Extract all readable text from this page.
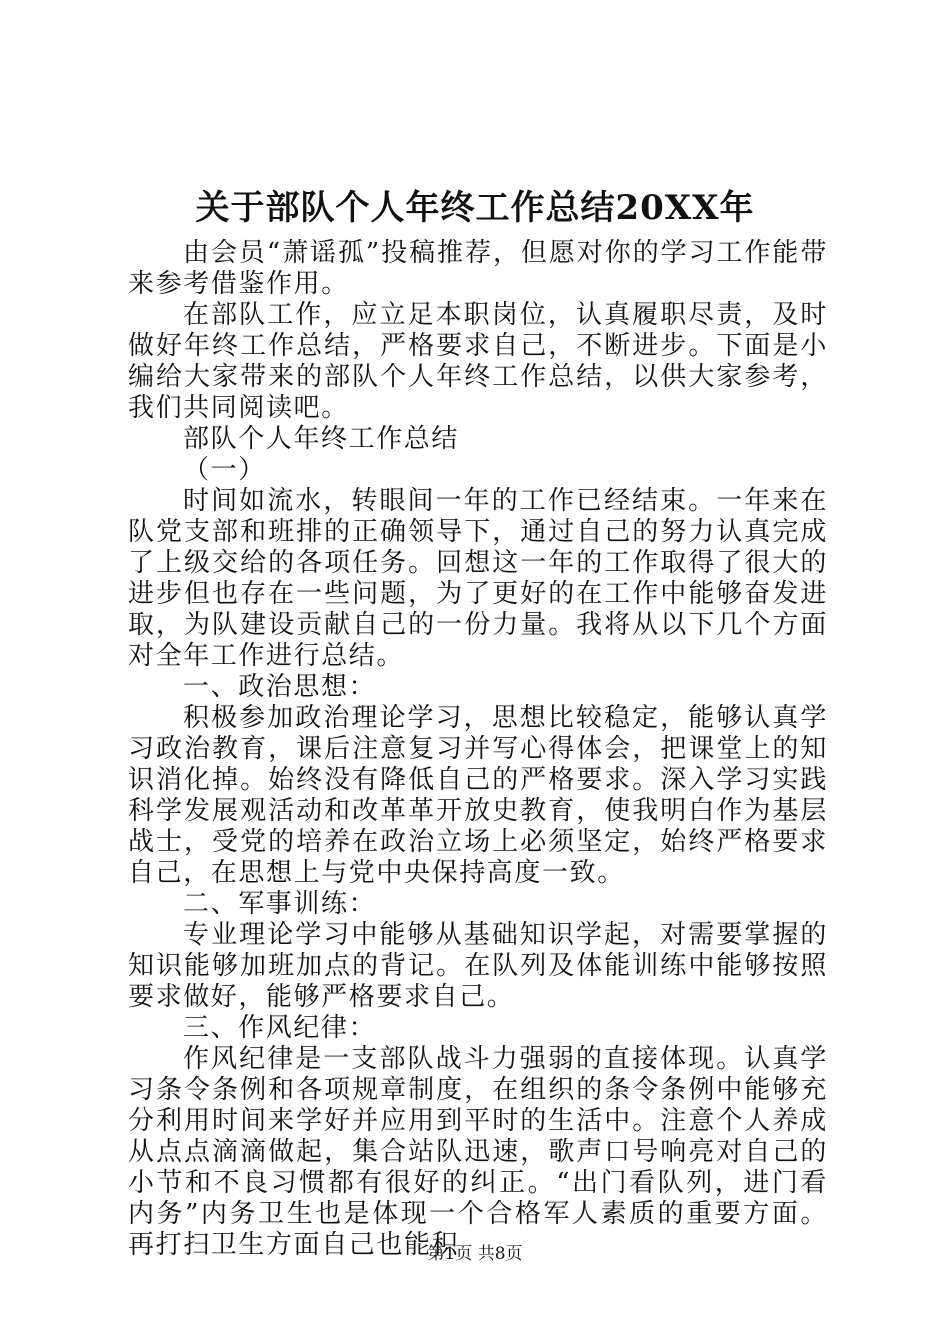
关于部队个人年终工作总结20XX年

由会员“萧谣孤”投稿推荐，但愿对你的学习工作能带来参考借鉴作用。

在部队工作，应立足本职岗位，认真履职尽责，及时做好年终工作总结，严格要求自己，不断进步。下面是小编给大家带来的部队个人年终工作总结，以供大家参考，我们共同阅读吧。

部队个人年终工作总结

（一）

时间如流水，转眼间一年的工作已经结束。一年来在队党支部和班排的正确领导下，通过自己的努力认真完成了上级交给的各项任务。回想这一年的工作取得了很大的进步但也存在一些问题，为了更好的在工作中能够奋发进取，为队建设贡献自己的一份力量。我将从以下几个方面对全年工作进行总结。

一、政治思想：

积极参加政治理论学习，思想比较稳定，能够认真学习政治教育，课后注意复习并写心得体会，把课堂上的知识消化掉。始终没有降低自己的严格要求。深入学习实践科学发展观活动和改革革开放史教育，使我明白作为基层战士，受党的培养在政治立场上必须坚定，始终严格要求自己，在思想上与党中央保持高度一致。

二、军事训练：

专业理论学习中能够从基础知识学起，对需要掌握的知识能够加班加点的背记。在队列及体能训练中能够按照要求做好，能够严格要求自己。

三、作风纪律：

作风纪律是一支部队战斗力强弱的直接体现。认真学习条令条例和各项规章制度，在组织的条令条例中能够充分利用时间来学好并应用到平时的生活中。注意个人养成从点点滴滴做起，集合站队迅速，歌声口号响亮对自己的小节和不良习惯都有很好的纠正。“出门看队列，进门看内务”内务卫生也是体现一个合格军人素质的重要方面。再打扫卫生方面自己也能积

第1页 共8页
